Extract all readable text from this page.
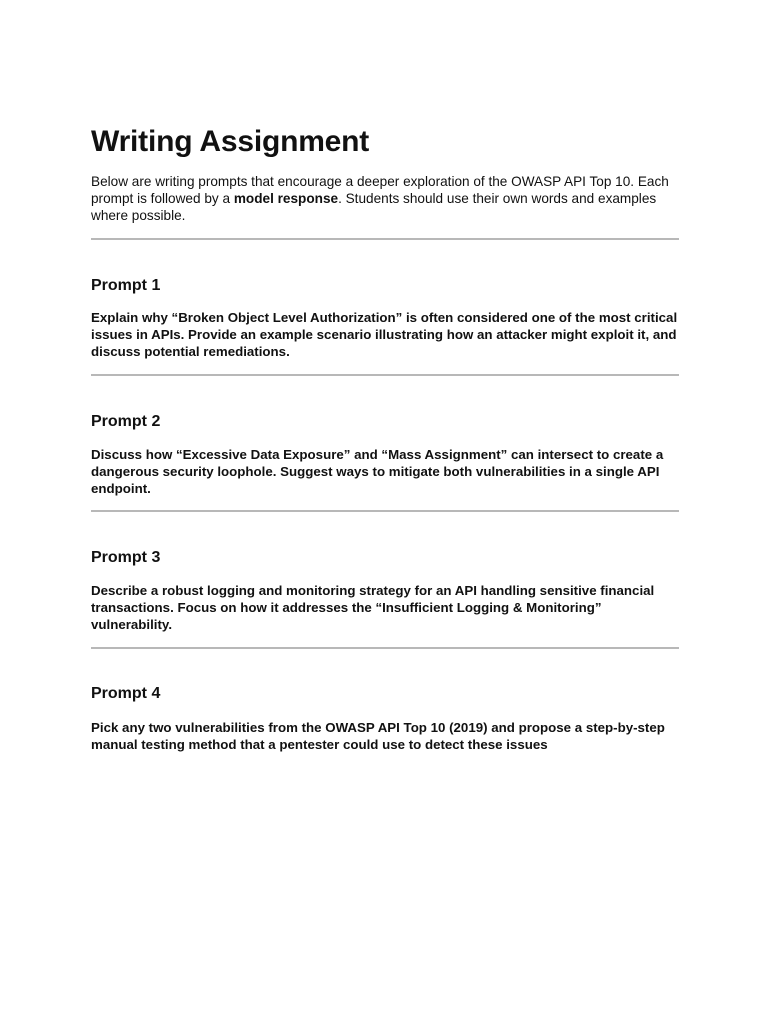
Writing Assignment

Below are writing prompts that encourage a deeper exploration of the OWASP API Top 10. Each prompt is followed by a model response. Students should use their own words and examples where possible.

Prompt 1

Explain why “Broken Object Level Authorization” is often considered one of the most critical issues in APIs. Provide an example scenario illustrating how an attacker might exploit it, and discuss potential remediations.

Prompt 2

Discuss how “Excessive Data Exposure” and “Mass Assignment” can intersect to create a dangerous security loophole. Suggest ways to mitigate both vulnerabilities in a single API endpoint.

Prompt 3

Describe a robust logging and monitoring strategy for an API handling sensitive financial transactions. Focus on how it addresses the “Insufficient Logging & Monitoring” vulnerability.

Prompt 4

Pick any two vulnerabilities from the OWASP API Top 10 (2019) and propose a step-by-step manual testing method that a pentester could use to detect these issues
